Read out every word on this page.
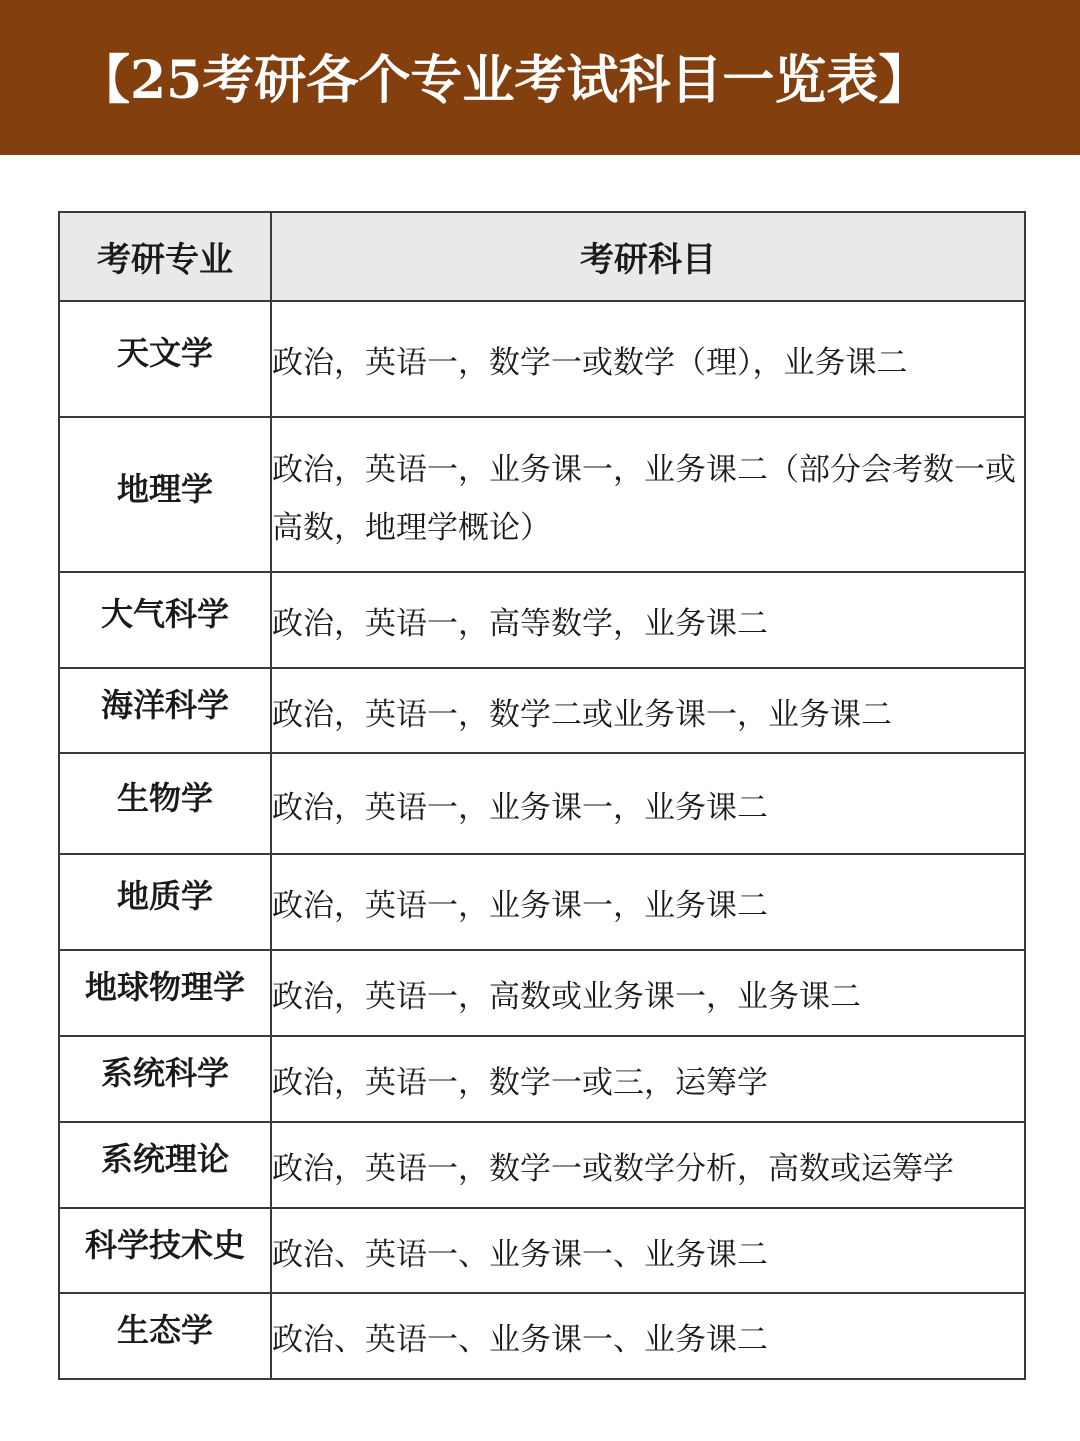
【25考研各个专业考试科目一览表】
考研专业	考研科目
天文学	政治，英语一，数学一或数学（理），业务课二
地理学	政治，英语一，业务课一，业务课二（部分会考数一或高数，地理学概论）
大气科学	政治，英语一，高等数学，业务课二
海洋科学	政治，英语一，数学二或业务课一，业务课二
生物学	政治，英语一，业务课一，业务课二
地质学	政治，英语一，业务课一，业务课二
地球物理学	政治，英语一，高数或业务课一，业务课二
系统科学	政治，英语一，数学一或三，运筹学
系统理论	政治，英语一，数学一或数学分析，高数或运筹学
科学技术史	政治、英语一、业务课一、业务课二
生态学	政治、英语一、业务课一、业务课二
